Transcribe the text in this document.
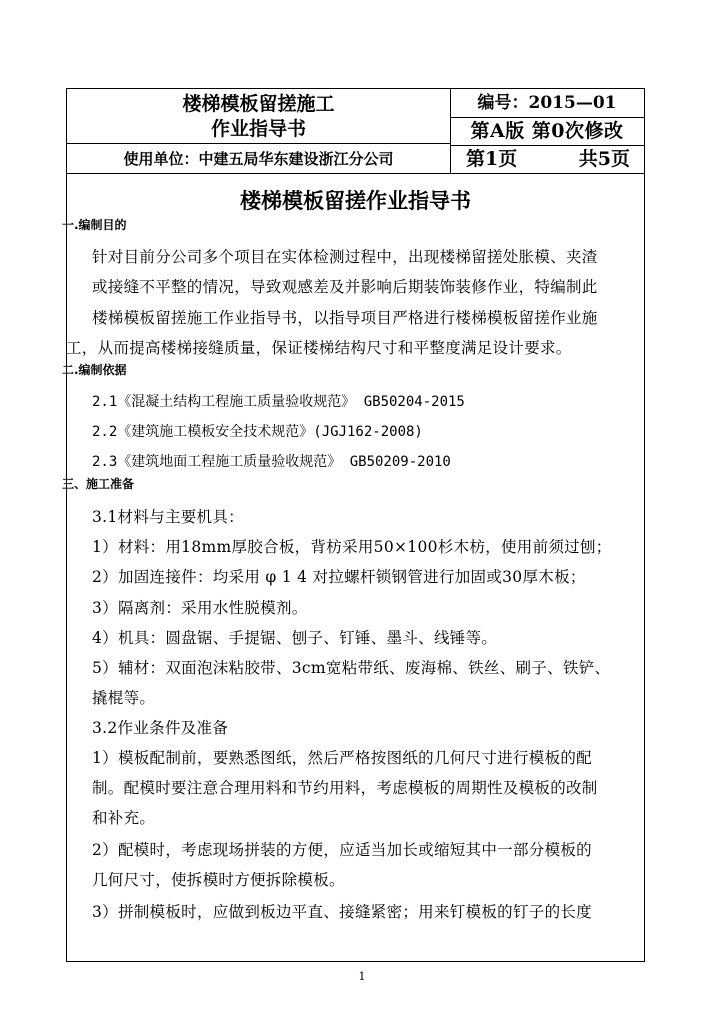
楼梯模板留搓施工
作业指导书
使用单位：中建五局华东建设浙江分公司
编号：2015—01
第A版 第0次修改
第1页	共5页
楼梯模板留搓作业指导书
一.编制目的
针对目前分公司多个项目在实体检测过程中，出现楼梯留搓处胀模、夹渣
或接缝不平整的情况，导致观感差及并影响后期装饰装修作业，特编制此
楼梯模板留搓施工作业指导书，以指导项目严格进行楼梯模板留搓作业施
工，从而提高楼梯接缝质量，保证楼梯结构尺寸和平整度满足设计要求。
二.编制依据
2.1《混凝土结构工程施工质量验收规范》 GB50204-2015
2.2《建筑施工模板安全技术规范》(JGJ162-2008)
2.3《建筑地面工程施工质量验收规范》 GB50209-2010
三、施工准备
3.1材料与主要机具：
1）材料：用18mm厚胶合板，背枋采用50×100杉木枋，使用前须过刨；
2）加固连接件：均采用 φ 1 4 对拉螺杆锁钢管进行加固或30厚木板；
3）隔离剂：采用水性脱模剂。
4）机具：圆盘锯、手提锯、刨子、钉锤、墨斗、线锤等。
5）辅材：双面泡沫粘胶带、3cm宽粘带纸、废海棉、铁丝、刷子、铁铲、
撬棍等。
3.2作业条件及准备
1）模板配制前，要熟悉图纸，然后严格按图纸的几何尺寸进行模板的配
制。配模时要注意合理用料和节约用料，考虑模板的周期性及模板的改制
和补充。
2）配模时，考虑现场拼装的方便，应适当加长或缩短其中一部分模板的
几何尺寸，使拆模时方便拆除模板。
3）拼制模板时，应做到板边平直、接缝紧密；用来钉模板的钉子的长度
1
